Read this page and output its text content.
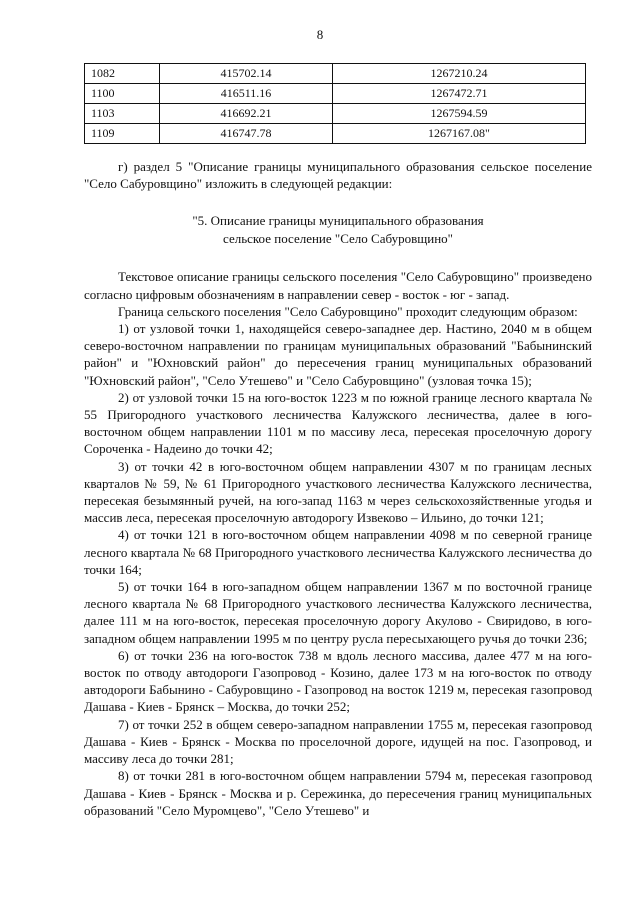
8
1082	415702.14	1267210.24
1100	416511.16	1267472.71
1103	416692.21	1267594.59
1109	416747.78	1267167.08"

г) раздел 5 "Описание границы муниципального образования сельское поселение "Село Сабуровщино" изложить в следующей редакции:

"5. Описание границы муниципального образования
сельское поселение "Село Сабуровщино"

Текстовое описание границы сельского поселения "Село Сабуровщино" произведено согласно цифровым обозначениям в направлении север - восток - юг - запад.

Граница сельского поселения "Село Сабуровщино" проходит следующим образом:

1) от узловой точки 1, находящейся северо-западнее дер. Настино, 2040 м в общем северо-восточном направлении по границам муниципальных образований "Бабынинский район" и "Юхновский район" до пересечения границ муниципальных образований "Юхновский район", "Село Утешево" и "Село Сабуровщино" (узловая точка 15);

2) от узловой точки 15 на юго-восток 1223 м по южной границе лесного квартала № 55 Пригородного участкового лесничества Калужского лесничества, далее в юго-восточном общем направлении 1101 м по массиву леса, пересекая проселочную дорогу Сороченка - Надеино до точки 42;

3) от точки 42 в юго-восточном общем направлении 4307 м по границам лесных кварталов № 59, № 61 Пригородного участкового лесничества Калужского лесничества, пересекая безымянный ручей, на юго-запад 1163 м через сельскохозяйственные угодья и массив леса, пересекая проселочную автодорогу Извеково – Ильино, до точки 121;

4) от точки 121 в юго-восточном общем направлении 4098 м по северной границе лесного квартала № 68 Пригородного участкового лесничества Калужского лесничества до точки 164;

5) от точки 164 в юго-западном общем направлении 1367 м по восточной границе лесного квартала № 68 Пригородного участкового лесничества Калужского лесничества, далее 111 м на юго-восток, пересекая проселочную дорогу Акулово - Свиридово, в юго-западном общем направлении 1995 м по центру русла пересыхающего ручья до точки 236;

6) от точки 236 на юго-восток 738 м вдоль лесного массива, далее 477 м на юго-восток по отводу автодороги Газопровод - Козино, далее 173 м на юго-восток по отводу автодороги Бабынино - Сабуровщино - Газопровод на восток 1219 м, пересекая газопровод Дашава - Киев - Брянск – Москва, до точки 252;

7) от точки 252 в общем северо-западном направлении 1755 м, пересекая газопровод Дашава - Киев - Брянск - Москва по проселочной дороге, идущей на пос. Газопровод, и массиву леса до точки 281;

8) от точки 281 в юго-восточном общем направлении 5794 м, пересекая газопровод Дашава - Киев - Брянск - Москва и р. Сережинка, до пересечения границ муниципальных образований "Село Муромцево", "Село Утешево" и
